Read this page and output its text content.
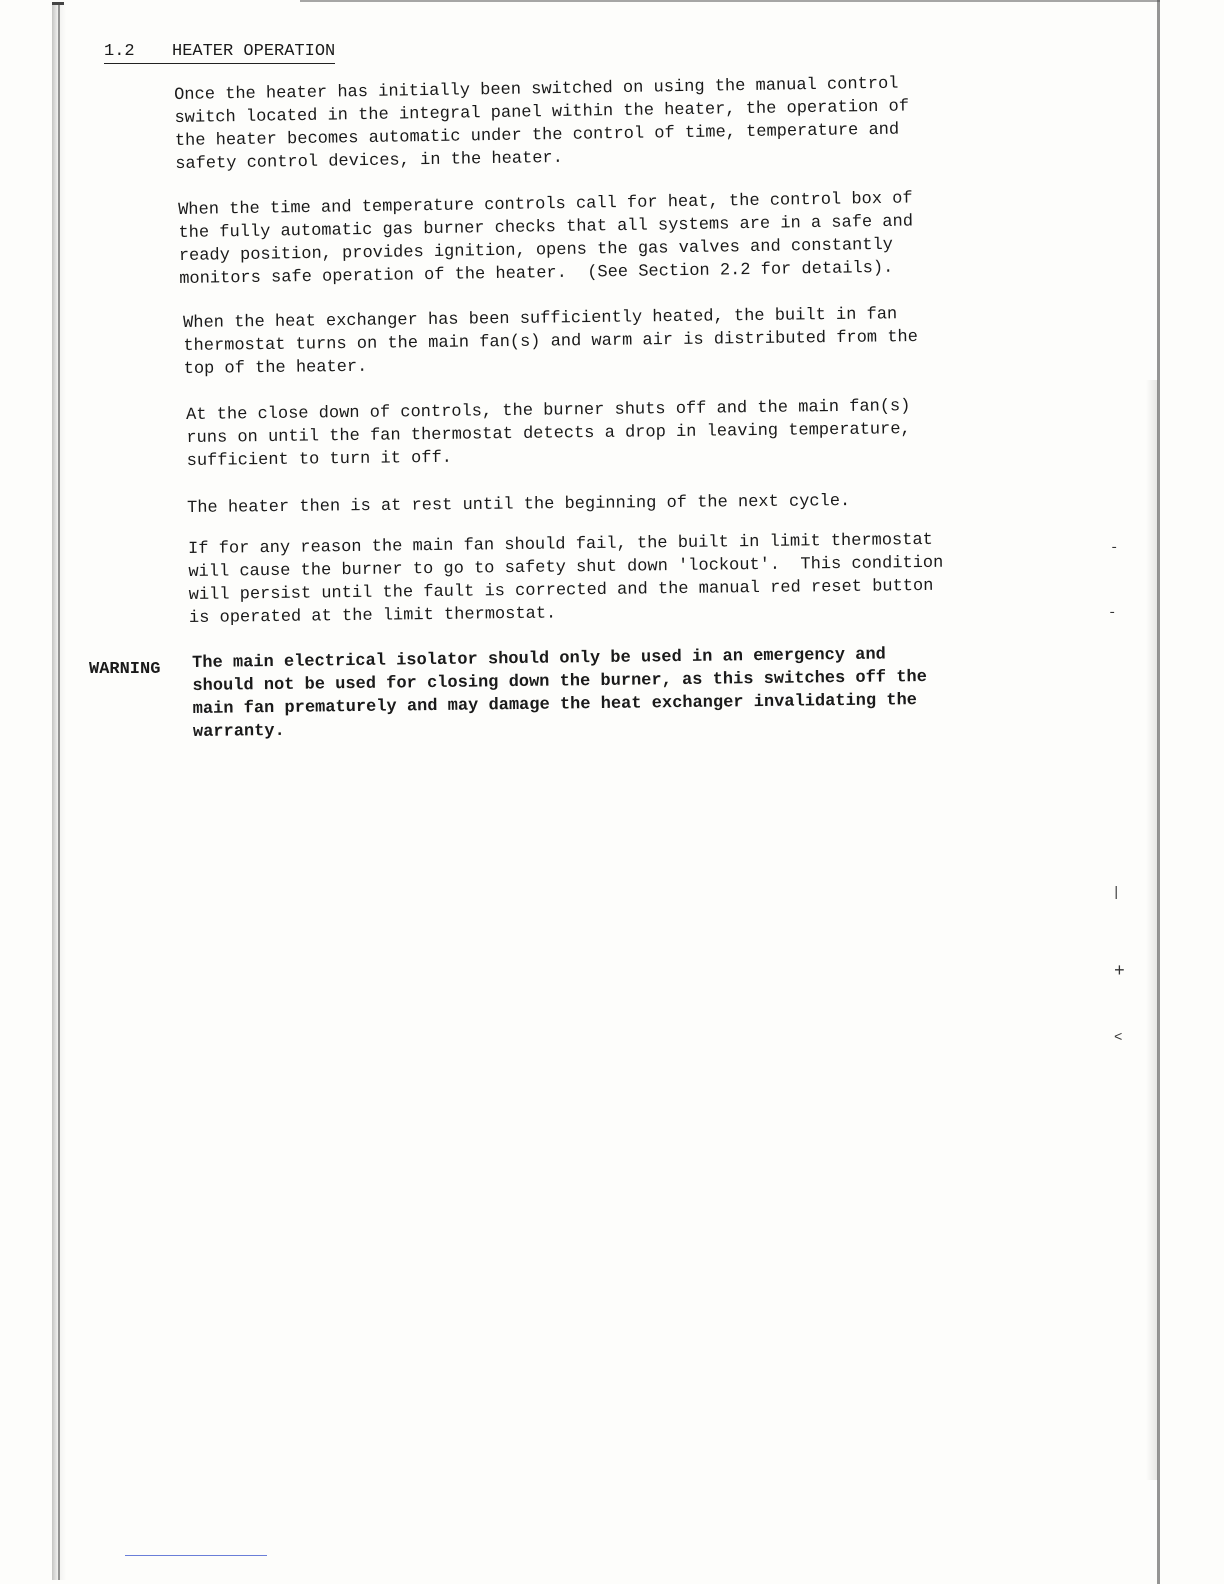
-
-
|
+
<
1.2 HEATER OPERATION

Once the heater has initially been switched on using the manual control
switch located in the integral panel within the heater, the operation of
the heater becomes automatic under the control of time, temperature and
safety control devices, in the heater.

When the time and temperature controls call for heat, the control box of
the fully automatic gas burner checks that all systems are in a safe and
ready position, provides ignition, opens the gas valves and constantly
monitors safe operation of the heater.  (See Section 2.2 for details).

When the heat exchanger has been sufficiently heated, the built in fan
thermostat turns on the main fan(s) and warm air is distributed from the
top of the heater.

At the close down of controls, the burner shuts off and the main fan(s)
runs on until the fan thermostat detects a drop in leaving temperature,
sufficient to turn it off.

The heater then is at rest until the beginning of the next cycle.

If for any reason the main fan should fail, the built in limit thermostat
will cause the burner to go to safety shut down 'lockout'.  This condition
will persist until the fault is corrected and the manual red reset button
is operated at the limit thermostat.

WARNING The main electrical isolator should only be used in an emergency and
should not be used for closing down the burner, as this switches off the
main fan prematurely and may damage the heat exchanger invalidating the
warranty.
